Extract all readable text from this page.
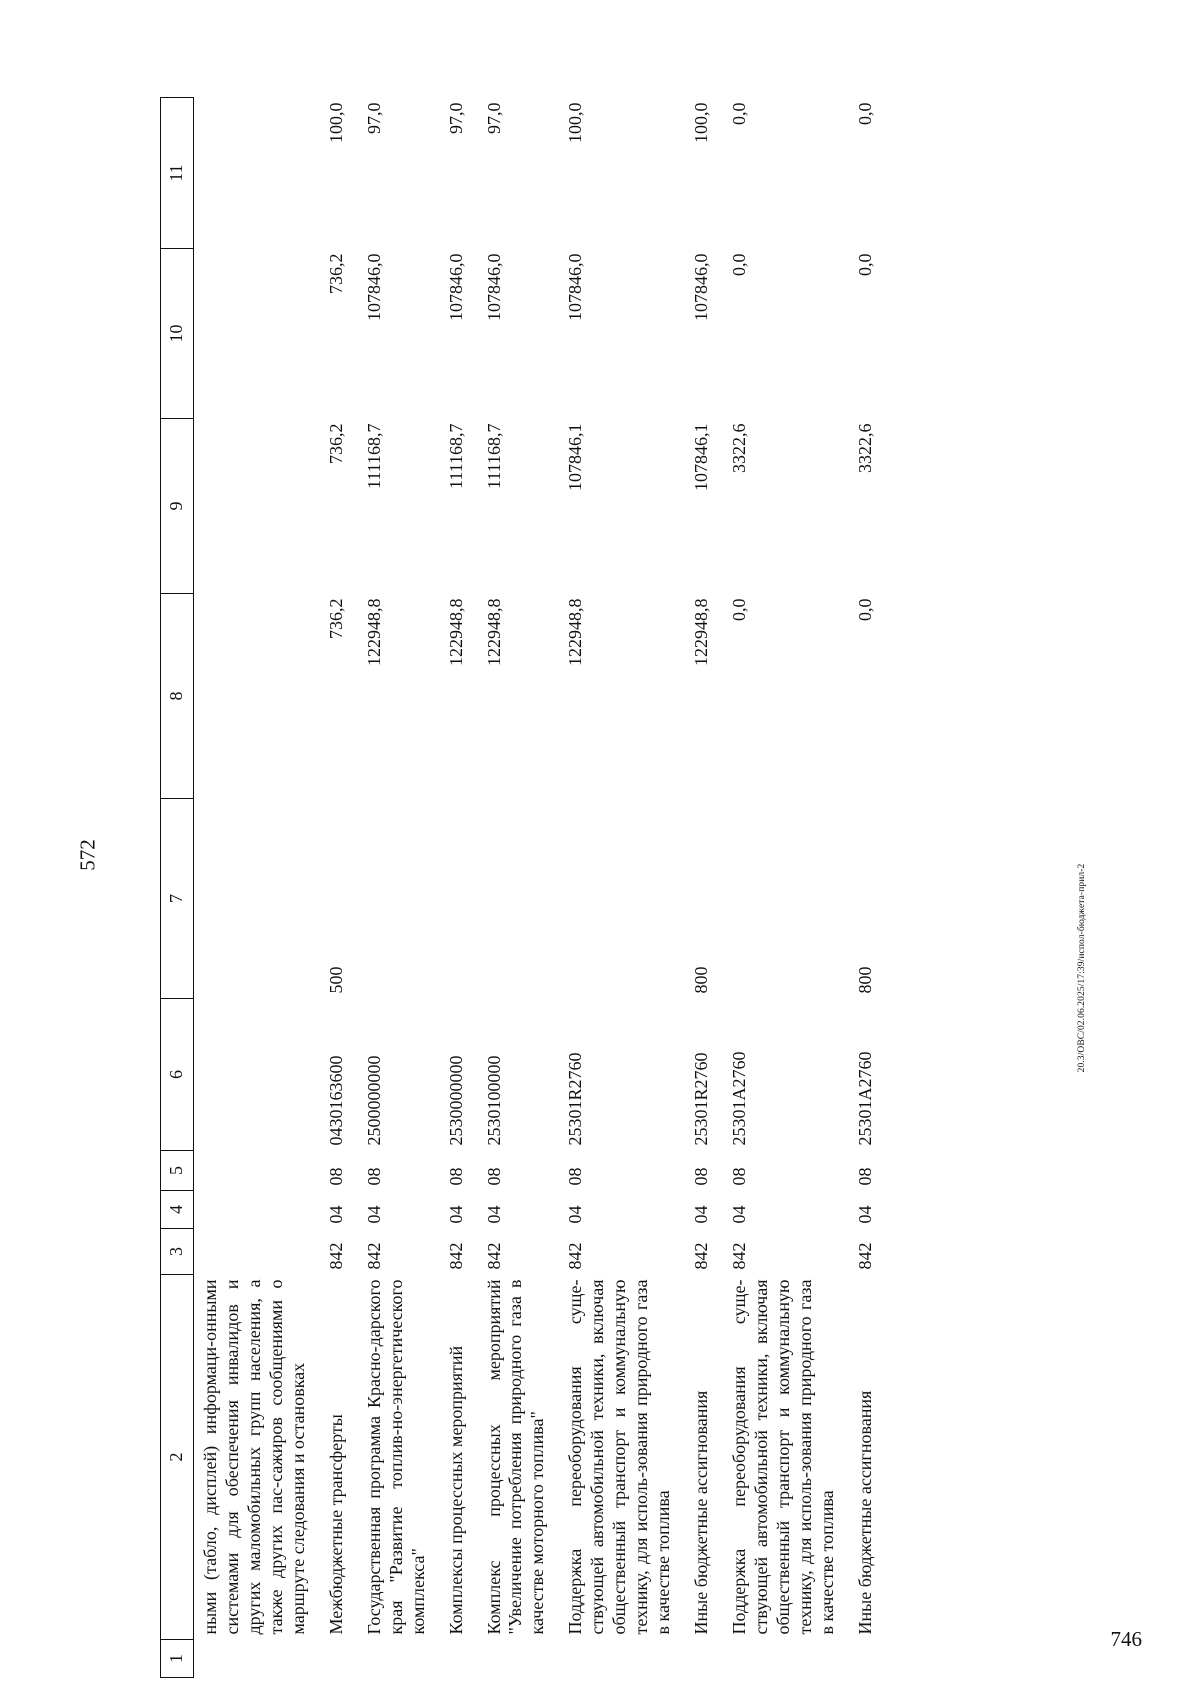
572
746
20.3/ОВС/02.06.2025/17:39/испол-бюджета-прил-2
1	2	3	4	5	6	7	8	9	10	11
	ными (табло, дисплей) информаци-онными системами для обеспечения инвалидов и других маломобильных групп населения, а также других пас-сажиров сообщениями о маршруте следования и остановках									
	Межбюджетные трансферты	842	04	08	0430163600	500	736,2	736,2	736,2	100,0
	Государственная программа Красно-дарского края "Развитие топлив-но-энергетического комплекса"	842	04	08	2500000000		122948,8	111168,7	107846,0	97,0
	Комплексы процессных мероприятий	842	04	08	2530000000		122948,8	111168,7	107846,0	97,0
	Комплекс процессных мероприятий "Увеличение потребления природного газа в качестве моторного топлива"	842	04	08	2530100000		122948,8	111168,7	107846,0	97,0
	Поддержка переоборудования суще-ствующей автомобильной техники, включая общественный транспорт и коммунальную технику, для исполь-зования природного газа в качестве топлива	842	04	08	25301R2760		122948,8	107846,1	107846,0	100,0
	Иные бюджетные ассигнования	842	04	08	25301R2760	800	122948,8	107846,1	107846,0	100,0
	Поддержка переоборудования суще-ствующей автомобильной техники, включая общественный транспорт и коммунальную технику, для исполь-зования природного газа в качестве топлива	842	04	08	25301A2760		0,0	3322,6	0,0	0,0
	Иные бюджетные ассигнования	842	04	08	25301A2760	800	0,0	3322,6	0,0	0,0
